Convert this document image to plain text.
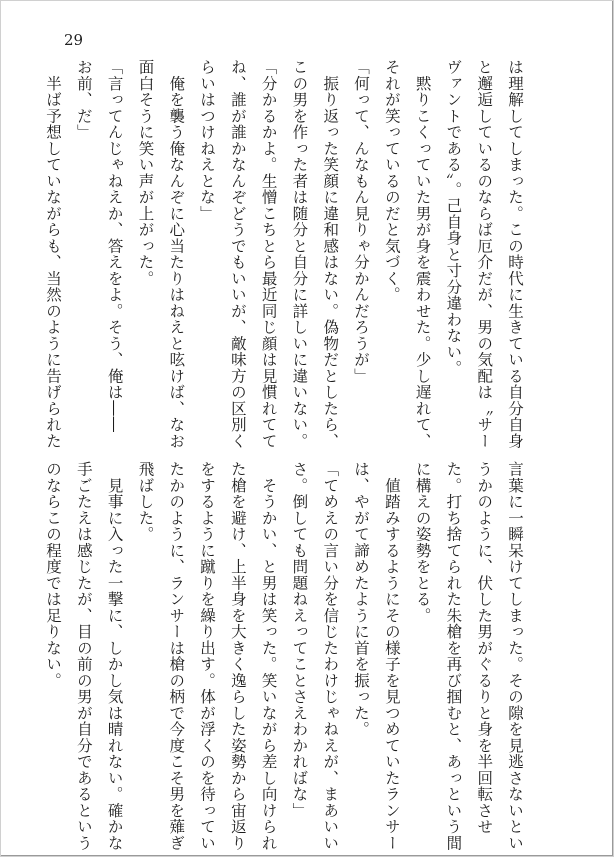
29

は理解してしまった。この時代に生きている自分自身

と邂逅しているのならば厄介だが、男の気配は〝サー

ヴァントである〟。己自身と寸分違わない。

　黙りこくっていた男が身を震わせた。少し遅れて、

それが笑っているのだと気づく。

「何って、んなもん見りゃ分かんだろうが」

　振り返った笑顔に違和感はない。偽物だとしたら、

この男を作った者は随分と自分に詳しいに違いない。

「分かるかよ。生憎こちとら最近同じ顔は見慣れてて

ね、誰が誰かなんぞどうでもいいが、敵味方の区別く

らいはつけねえとな」

　俺を襲う俺なんぞに心当たりはねえと呟けば、なお

面白そうに笑い声が上がった。

「言ってんじゃねえか、答えをよ。そう、俺は――

お前、だ」

　半ば予想していながらも、当然のように告げられた

言葉に一瞬呆けてしまった。その隙を見逃さないとい

うかのように、伏した男がぐるりと身を半回転させ

た。打ち捨てられた朱槍を再び掴むと、あっという間

に構えの姿勢をとる。

　値踏みするようにその様子を見つめていたランサー

は、やがて諦めたように首を振った。

「てめえの言い分を信じたわけじゃねえが、まあいい

さ。倒しても問題ねえってことさえわかればな」

　そうかい、と男は笑った。笑いながら差し向けられ

た槍を避け、上半身を大きく逸らした姿勢から宙返り

をするように蹴りを繰り出す。体が浮くのを待ってい

たかのように、ランサーは槍の柄で今度こそ男を薙ぎ

飛ばした。

　見事に入った一撃に、しかし気は晴れない。確かな

手ごたえは感じたが、目の前の男が自分であるという

のならこの程度では足りない。
